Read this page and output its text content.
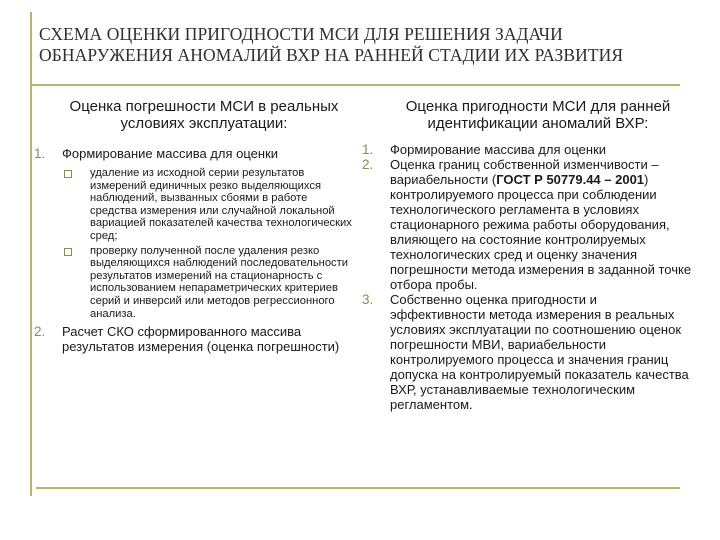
СХЕМА ОЦЕНКИ ПРИГОДНОСТИ МСИ ДЛЯ РЕШЕНИЯ ЗАДАЧИ ОБНАРУЖЕНИЯ АНОМАЛИЙ ВХР НА РАННЕЙ СТАДИИ ИХ РАЗВИТИЯ
Оценка погрешности МСИ в реальных условиях эксплуатации:
1. Формирование массива для оценки
удаление из исходной серии результатов измерений единичных резко выделяющихся наблюдений, вызванных сбоями в работе средства измерения или случайной локальной вариацией показателей качества технологических сред;
проверку полученной после удаления резко выделяющихся наблюдений последовательности результатов измерений на стационарность с использованием непараметрических критериев серий и инверсий или методов регрессионного анализа.
2. Расчет СКО сформированного массива результатов измерения (оценка погрешности)
Оценка пригодности МСИ для ранней идентификации аномалий ВХР:
1. Формирование массива для оценки
2. Оценка границ собственной изменчивости – вариабельности (ГОСТ Р 50779.44 – 2001) контролируемого процесса при соблюдении технологического регламента в условиях стационарного режима работы оборудования, влияющего на состояние контролируемых технологических сред и оценку значения погрешности метода измерения в заданной точке отбора пробы.
3. Собственно оценка пригодности и эффективности метода измерения в реальных условиях эксплуатации по соотношению оценок погрешности МВИ, вариабельности контролируемого процесса и значения границ допуска на контролируемый показатель качества ВХР, устанавливаемые технологическим регламентом.
